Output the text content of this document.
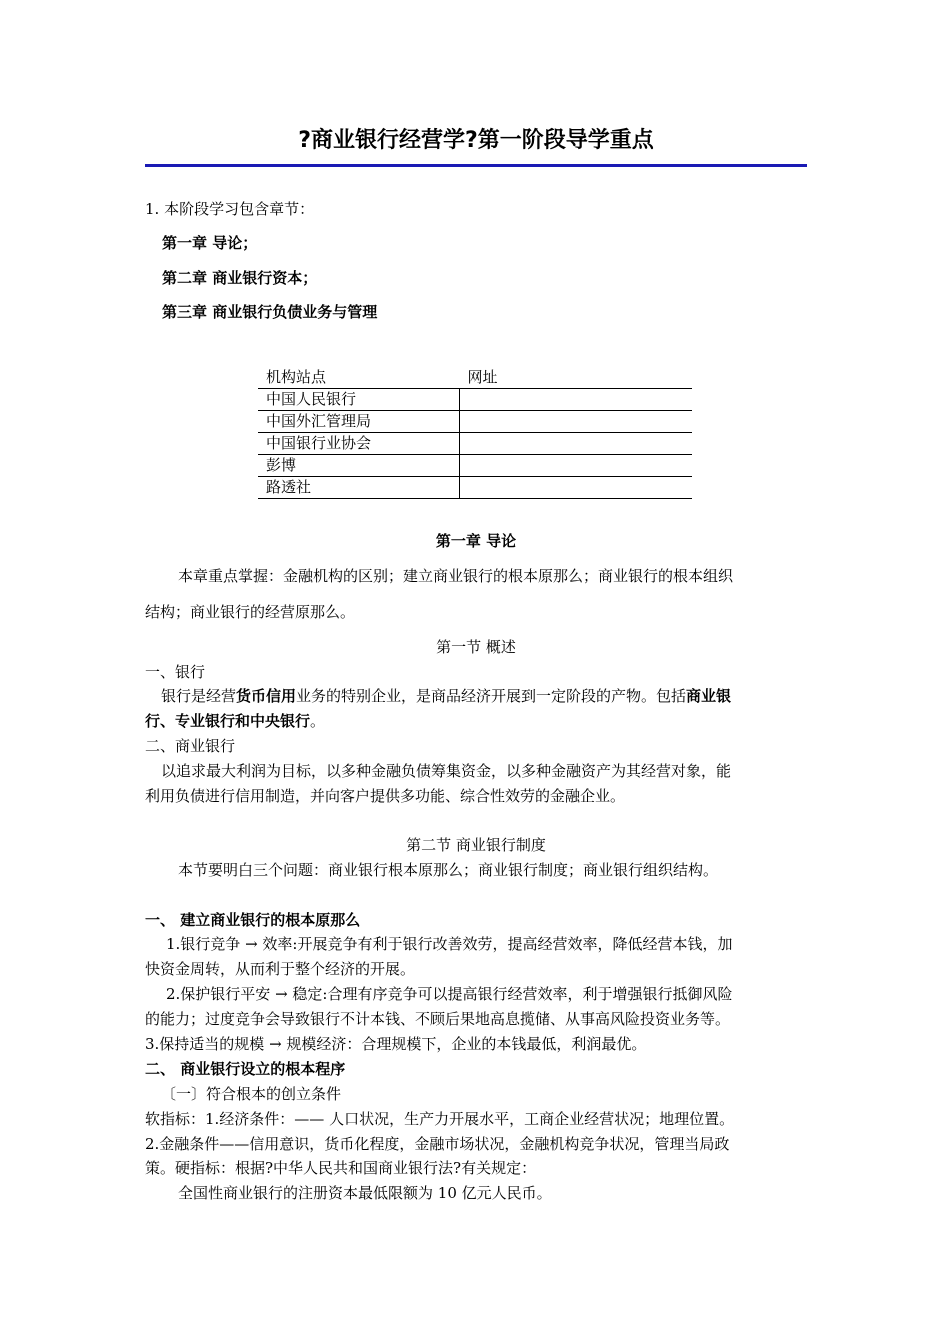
?商业银行经营学?第一阶段导学重点
1. 本阶段学习包含章节：
第一章 导论；
第二章 商业银行资本；
第三章 商业银行负债业务与管理
机构站点	网址
中国人民银行	
中国外汇管理局	
中国银行业协会	
彭博	
路透社	
第一章 导论
本章重点掌握：金融机构的区别；建立商业银行的根本原那么；商业银行的根本组织
结构；商业银行的经营原那么。
第一节 概述
一、银行
银行是经营货币信用业务的特别企业，是商品经济开展到一定阶段的产物。包括商业银
行、专业银行和中央银行。
二、商业银行
以追求最大利润为目标，以多种金融负债筹集资金，以多种金融资产为其经营对象，能
利用负债进行信用制造，并向客户提供多功能、综合性效劳的金融企业。
第二节 商业银行制度
本节要明白三个问题：商业银行根本原那么；商业银行制度；商业银行组织结构。
一、 建立商业银行的根本原那么
1.银行竞争 → 效率:开展竞争有利于银行改善效劳，提高经营效率，降低经营本钱，加
快资金周转，从而利于整个经济的开展。
2.保护银行平安 → 稳定:合理有序竞争可以提高银行经营效率，利于增强银行抵御风险
的能力；过度竞争会导致银行不计本钱、不顾后果地高息揽储、从事高风险投资业务等。
3.保持适当的规模 → 规模经济：合理规模下，企业的本钱最低，利润最优。
二、 商业银行设立的根本程序
〔一〕符合根本的创立条件
软指标：1.经济条件：—— 人口状况，生产力开展水平，工商企业经营状况；地理位置。
2.金融条件——信用意识，货币化程度，金融市场状况，金融机构竞争状况，管理当局政
策。硬指标：根据?中华人民共和国商业银行法?有关规定：
全国性商业银行的注册资本最低限额为 10 亿元人民币。
